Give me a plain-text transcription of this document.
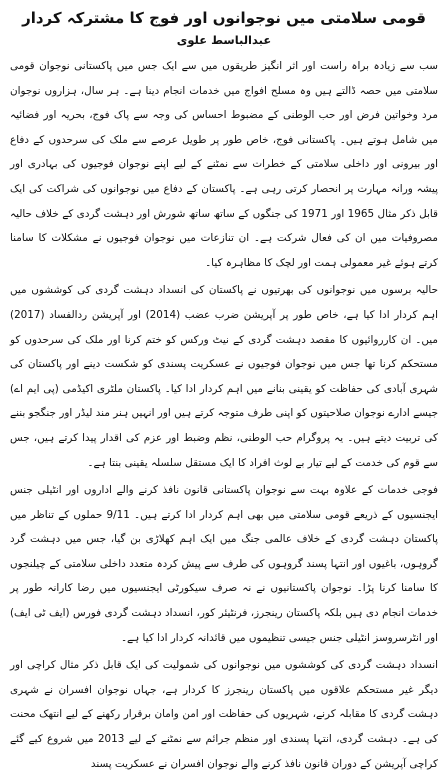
قومی سلامتی میں نوجوانوں اور فوج کا مشترکہ کردار
عبدالباسط علوی

سب سے زیادہ براہ راست اور اثر انگیز طریقوں میں سے ایک جس میں پاکستانی نوجوان قومی سلامتی میں حصہ ڈالتے ہیں وہ مسلح افواج میں خدمات انجام دینا ہے۔ ہر سال، ہزاروں نوجوان مرد وخواتین فرض اور حب الوطنی کے مضبوط احساس کی وجہ سے پاک فوج، بحریہ اور فضائیہ میں شامل ہوتے ہیں۔ پاکستانی فوج، خاص طور پر طویل عرصے سے ملک کی سرحدوں کے دفاع اور بیرونی اور داخلی سلامتی کے خطرات سے نمٹنے کے لیے اپنے نوجوان فوجیوں کی بہادری اور پیشہ ورانہ مہارت پر انحصار کرتی رہی ہے۔ پاکستان کے دفاع میں نوجوانوں کی شراکت کی ایک قابل ذکر مثال 1965 اور 1971 کی جنگوں کے ساتھ ساتھ شورش اور دہشت گردی کے خلاف حالیہ مصروفیات میں ان کی فعال شرکت ہے۔ ان تنازعات میں نوجوان فوجیوں نے مشکلات کا سامنا کرتے ہوئے غیر معمولی ہمت اور لچک کا مظاہرہ کیا۔

حالیہ برسوں میں نوجوانوں کی بھرتیوں نے پاکستان کی انسداد دہشت گردی کی کوششوں میں اہم کردار ادا کیا ہے، خاص طور پر آپریشن ضرب عضب (2014) اور آپریشن ردالفساد (2017) میں۔ ان کارروائیوں کا مقصد دہشت گردی کے نیٹ ورکس کو ختم کرنا اور ملک کی سرحدوں کو مستحکم کرنا تھا جس میں نوجوان فوجیوں نے عسکریت پسندی کو شکست دینے اور پاکستان کی شہری آبادی کی حفاظت کو یقینی بنانے میں اہم کردار ادا کیا۔ پاکستان ملٹری اکیڈمی (پی ایم اے) جیسے ادارے نوجوان صلاحیتوں کو اپنی طرف متوجہ کرتے ہیں اور انہیں ہنر مند لیڈر اور جنگجو بننے کی تربیت دیتے ہیں۔ یہ پروگرام حب الوطنی، نظم وضبط اور عزم کی اقدار پیدا کرتے ہیں، جس سے قوم کی خدمت کے لیے تیار بے لوث افراد کا ایک مستقل سلسلہ یقینی بنتا ہے۔

فوجی خدمات کے علاوہ بہت سے نوجوان پاکستانی قانون نافذ کرنے والے اداروں اور انٹیلی جنس ایجنسیوں کے ذریعے قومی سلامتی میں بھی اہم کردار ادا کرتے ہیں۔ 9/11 حملوں کے تناظر میں پاکستان دہشت گردی کے خلاف عالمی جنگ میں ایک اہم کھلاڑی بن گیا، جس میں دہشت گرد گروہوں، باغیوں اور انتہا پسند گروہوں کی طرف سے پیش کردہ متعدد داخلی سلامتی کے چیلنجوں کا سامنا کرنا پڑا۔ نوجوان پاکستانیوں نے نہ صرف سیکورٹی ایجنسیوں میں رضا کارانہ طور پر خدمات انجام دی ہیں بلکہ پاکستان رینجرز، فرنٹیئر کور، انسداد دہشت گردی فورس (ایف ٹی ایف) اور انٹرسروسز انٹیلی جنس جیسی تنظیموں میں قائدانہ کردار ادا کیا ہے۔

انسداد دہشت گردی کی کوششوں میں نوجوانوں کی شمولیت کی ایک قابل ذکر مثال کراچی اور دیگر غیر مستحکم علاقوں میں پاکستان رینجرز کا کردار ہے، جہاں نوجوان افسران نے شہری دہشت گردی کا مقابلہ کرنے، شہریوں کی حفاظت اور امن وامان برقرار رکھنے کے لیے انتھک محنت کی ہے۔ دہشت گردی، انتہا پسندی اور منظم جرائم سے نمٹنے کے لیے 2013 میں شروع کیے گئے کراچی آپریشن کے دوران قانون نافذ کرنے والے نوجوان افسران نے عسکریت پسند
